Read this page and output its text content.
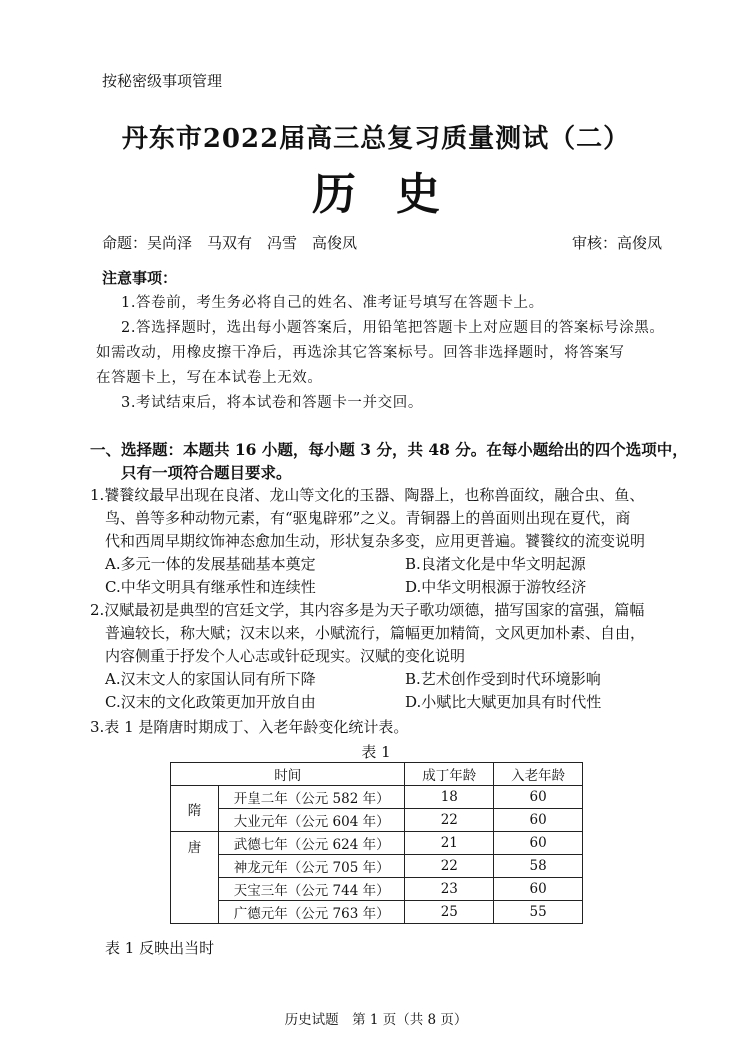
按秘密级事项管理
丹东市2022届高三总复习质量测试（二）
历史
命题：吴尚泽　马双有　冯雪　高俊凤	审核：高俊凤
注意事项：
1.答卷前，考生务必将自己的姓名、准考证号填写在答题卡上。
2.答选择题时，选出每小题答案后，用铅笔把答题卡上对应题目的答案标号涂黑。
如需改动，用橡皮擦干净后，再选涂其它答案标号。回答非选择题时，将答案写
在答题卡上，写在本试卷上无效。
3.考试结束后，将本试卷和答题卡一并交回。
一、选择题：本题共 16 小题，每小题 3 分，共 48 分。在每小题给出的四个选项中，
只有一项符合题目要求。
1.饕餮纹最早出现在良渚、龙山等文化的玉器、陶器上，也称兽面纹，融合虫、鱼、
鸟、兽等多种动物元素，有“驱鬼辟邪”之义。青铜器上的兽面则出现在夏代，商
代和西周早期纹饰神态愈加生动，形状复杂多变，应用更普遍。饕餮纹的流变说明
A.多元一体的发展基础基本奠定	B.良渚文化是中华文明起源
C.中华文明具有继承性和连续性	D.中华文明根源于游牧经济
2.汉赋最初是典型的宫廷文学，其内容多是为天子歌功颂德，描写国家的富强，篇幅
普遍较长，称大赋；汉末以来，小赋流行，篇幅更加精简，文风更加朴素、自由，
内容侧重于抒发个人心志或针砭现实。汉赋的变化说明
A.汉末文人的家国认同有所下降	B.艺术创作受到时代环境影响
C.汉末的文化政策更加开放自由	D.小赋比大赋更加具有时代性
3.表 1 是隋唐时期成丁、入老年龄变化统计表。
表 1
时间		成丁年龄	入老年龄
隋	开皇二年（公元 582 年）	18	60
	大业元年（公元 604 年）	22	60
唐	武德七年（公元 624 年）	21	60
	神龙元年（公元 705 年）	22	58
	天宝三年（公元 744 年）	23	60
	广德元年（公元 763 年）	25	55
表 1 反映出当时
历史试题　第 1 页（共 8 页）
